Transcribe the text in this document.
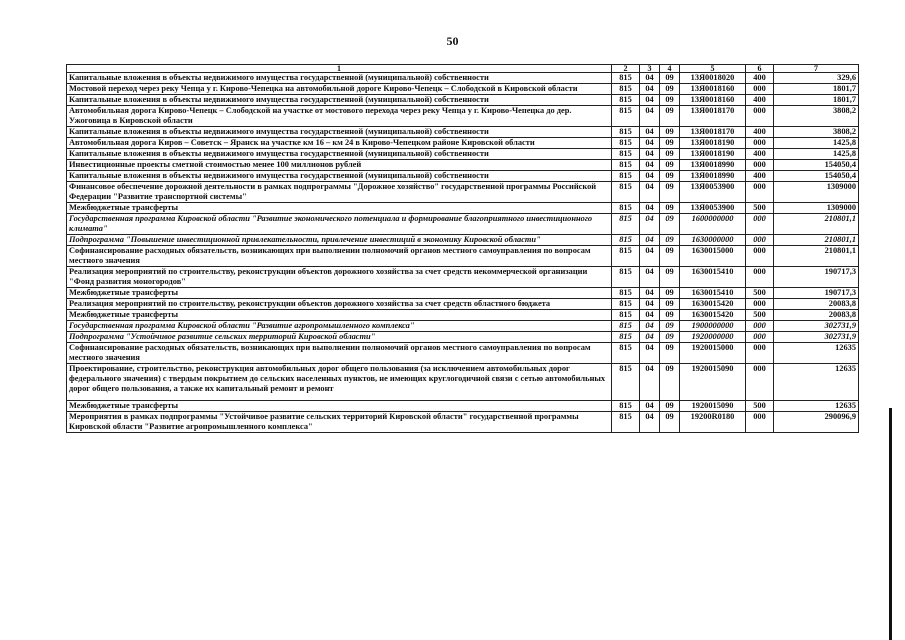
50
1	2	3	4	5	6	7
Капитальные вложения в объекты недвижимого имущества государственной (муниципальной) собственности	815	04	09	13Я0018020	400	329,6
Мостовой переход через реку Чепца у г. Кирово-Чепецка на автомобильной дороге Кирово-Чепецк – Слободской в Кировской области	815	04	09	13Я0018160	000	1801,7
Капитальные вложения в объекты недвижимого имущества государственной (муниципальной) собственности	815	04	09	13Я0018160	400	1801,7
Автомобильная дорога Кирово-Чепецк – Слободской на участке от мостового перехода через реку Чепца у г. Кирово-Чепецка до дер. Ужоговица в Кировской области	815	04	09	13Я0018170	000	3808,2
Капитальные вложения в объекты недвижимого имущества государственной (муниципальной) собственности	815	04	09	13Я0018170	400	3808,2
Автомобильная дорога Киров – Советск – Яранск на участке км 16 – км 24 в Кирово-Чепецком районе Кировской области	815	04	09	13Я0018190	000	1425,8
Капитальные вложения в объекты недвижимого имущества государственной (муниципальной) собственности	815	04	09	13Я0018190	400	1425,8
Инвестиционные проекты сметной стоимостью менее 100 миллионов рублей	815	04	09	13Я0018990	000	154050,4
Капитальные вложения в объекты недвижимого имущества государственной (муниципальной) собственности	815	04	09	13Я0018990	400	154050,4
Финансовое обеспечение дорожной деятельности в рамках подпрограммы "Дорожное хозяйство" государственной программы Российской Федерации "Развитие транспортной системы"	815	04	09	13Я0053900	000	1309000
Межбюджетные трансферты	815	04	09	13Я0053900	500	1309000
Государственная программа Кировской области "Развитие экономического потенциала и формирование благоприятного инвестиционного климата"	815	04	09	1600000000	000	210801,1
Подпрограмма "Повышение инвестиционной привлекательности, привлечение инвестиций в экономику Кировской области"	815	04	09	1630000000	000	210801,1
Софинансирование расходных обязательств, возникающих при выполнении полномочий органов местного самоуправления по вопросам местного значения	815	04	09	1630015000	000	210801,1
Реализация мероприятий по строительству, реконструкции объектов дорожного хозяйства за счет средств некоммерческой организации "Фонд развития моногородов"	815	04	09	1630015410	000	190717,3
Межбюджетные трансферты	815	04	09	1630015410	500	190717,3
Реализация мероприятий по строительству, реконструкции объектов дорожного хозяйства за счет средств областного бюджета	815	04	09	1630015420	000	20083,8
Межбюджетные трансферты	815	04	09	1630015420	500	20083,8
Государственная программа Кировской области "Развитие агропромышленного комплекса"	815	04	09	1900000000	000	302731,9
Подпрограмма "Устойчивое развитие сельских территорий Кировской области"	815	04	09	1920000000	000	302731,9
Софинансирование расходных обязательств, возникающих при выполнении полномочий органов местного самоуправления по вопросам местного значения	815	04	09	1920015000	000	12635
Проектирование, строительство, реконструкция автомобильных дорог общего пользования (за исключением автомобильных дорог федерального значения) с твердым покрытием до сельских населенных пунктов, не имеющих круглогодичной связи с сетью автомобильных дорог общего пользования, а также их капитальный ремонт и ремонт	815	04	09	1920015090	000	12635
Межбюджетные трансферты	815	04	09	1920015090	500	12635
Мероприятия в рамках подпрограммы "Устойчивое развитие сельских территорий Кировской области" государственной программы Кировской области "Развитие агропромышленного комплекса"	815	04	09	19200R0180	000	290096,9
